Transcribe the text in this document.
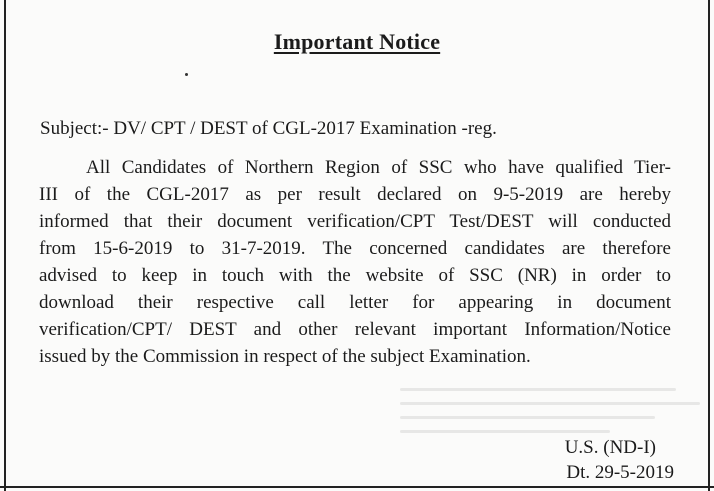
Important Notice
Subject:- DV/ CPT / DEST of CGL-2017 Examination -reg.
All Candidates of Northern Region of SSC who have qualified Tier-
III of the CGL-2017 as per result declared on 9-5-2019 are hereby
informed that their document verification/CPT Test/DEST will conducted
from 15-6-2019 to 31-7-2019. The concerned candidates are therefore
advised to keep in touch with the website of SSC (NR) in order to
download their respective call letter for appearing in document
verification/CPT/ DEST and other relevant important Information/Notice
issued by the Commission in respect of the subject Examination.
U.S. (ND-I)
Dt. 29-5-2019
